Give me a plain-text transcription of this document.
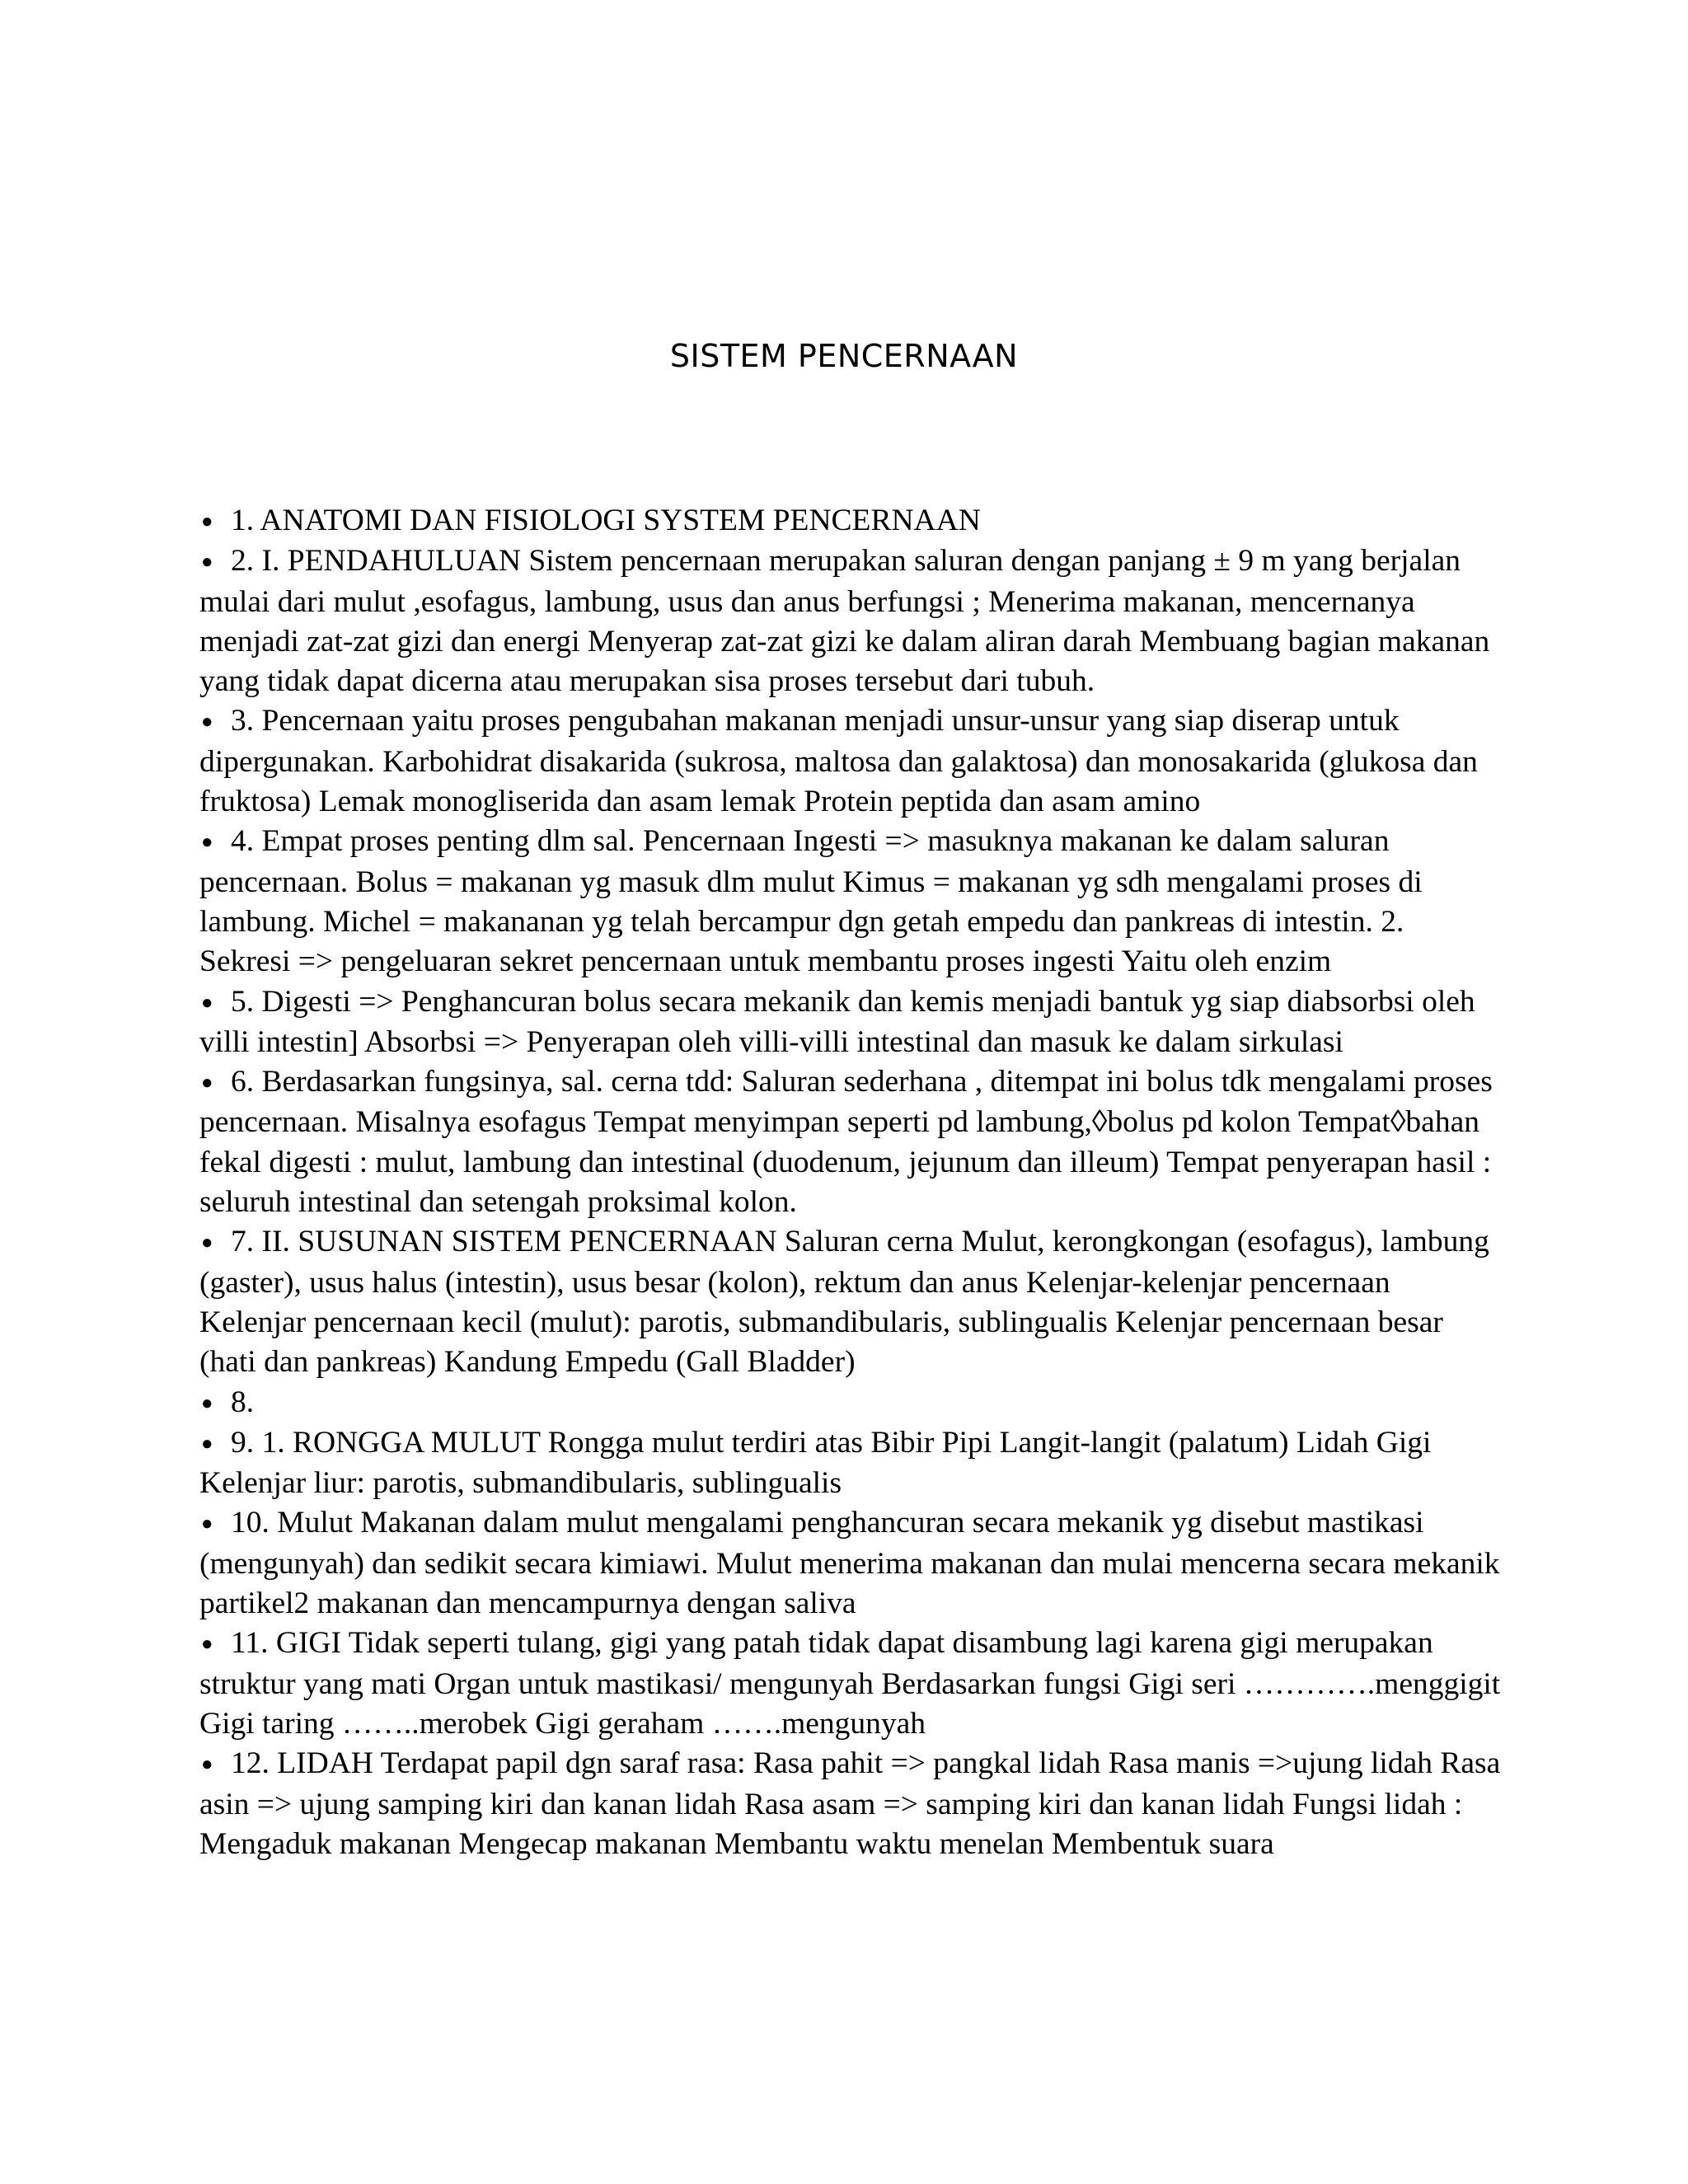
SISTEM PENCERNAAN

● 1. ANATOMI DAN FISIOLOGI SYSTEM PENCERNAAN

● 2. I. PENDAHULUAN Sistem pencernaan merupakan saluran dengan panjang ± 9 m yang berjalan mulai dari mulut ,esofagus, lambung, usus dan anus berfungsi ; Menerima makanan, mencernanya menjadi zat-zat gizi dan energi Menyerap zat-zat gizi ke dalam aliran darah Membuang bagian makanan yang tidak dapat dicerna atau merupakan sisa proses tersebut dari tubuh.

● 3. Pencernaan yaitu proses pengubahan makanan menjadi unsur-unsur yang siap diserap untuk dipergunakan. Karbohidrat disakarida (sukrosa, maltosa dan galaktosa) dan monosakarida (glukosa dan fruktosa) Lemak monogliserida dan asam lemak Protein peptida dan asam amino

● 4. Empat proses penting dlm sal. Pencernaan Ingesti => masuknya makanan ke dalam saluran pencernaan. Bolus = makanan yg masuk dlm mulut Kimus = makanan yg sdh mengalami proses di lambung. Michel = makananan yg telah bercampur dgn getah empedu dan pankreas di intestin. 2. Sekresi => pengeluaran sekret pencernaan untuk membantu proses ingesti Yaitu oleh enzim

● 5. Digesti => Penghancuran bolus secara mekanik dan kemis menjadi bantuk yg siap diabsorbsi oleh villi intestin] Absorbsi => Penyerapan oleh villi-villi intestinal dan masuk ke dalam sirkulasi

● 6. Berdasarkan fungsinya, sal. cerna tdd: Saluran sederhana , ditempat ini bolus tdk mengalami proses pencernaan. Misalnya esofagus Tempat menyimpan seperti pd lambung,◊bolus pd kolon Tempat◊bahan fekal digesti : mulut, lambung dan intestinal (duodenum, jejunum dan illeum) Tempat penyerapan hasil : seluruh intestinal dan setengah proksimal kolon.

● 7. II. SUSUNAN SISTEM PENCERNAAN Saluran cerna Mulut, kerongkongan (esofagus), lambung (gaster), usus halus (intestin), usus besar (kolon), rektum dan anus Kelenjar-kelenjar pencernaan Kelenjar pencernaan kecil (mulut): parotis, submandibularis, sublingualis Kelenjar pencernaan besar (hati dan pankreas) Kandung Empedu (Gall Bladder)

● 8.

● 9. 1. RONGGA MULUT Rongga mulut terdiri atas Bibir Pipi Langit-langit (palatum) Lidah Gigi Kelenjar liur: parotis, submandibularis, sublingualis

● 10. Mulut Makanan dalam mulut mengalami penghancuran secara mekanik yg disebut mastikasi (mengunyah) dan sedikit secara kimiawi. Mulut menerima makanan dan mulai mencerna secara mekanik partikel2 makanan dan mencampurnya dengan saliva

● 11. GIGI Tidak seperti tulang, gigi yang patah tidak dapat disambung lagi karena gigi merupakan struktur yang mati Organ untuk mastikasi/ mengunyah Berdasarkan fungsi Gigi seri ………….menggigit Gigi taring ……..merobek Gigi geraham …….mengunyah

● 12. LIDAH Terdapat papil dgn saraf rasa: Rasa pahit => pangkal lidah Rasa manis =>ujung lidah Rasa asin => ujung samping kiri dan kanan lidah Rasa asam => samping kiri dan kanan lidah Fungsi lidah : Mengaduk makanan Mengecap makanan Membantu waktu menelan Membentuk suara
